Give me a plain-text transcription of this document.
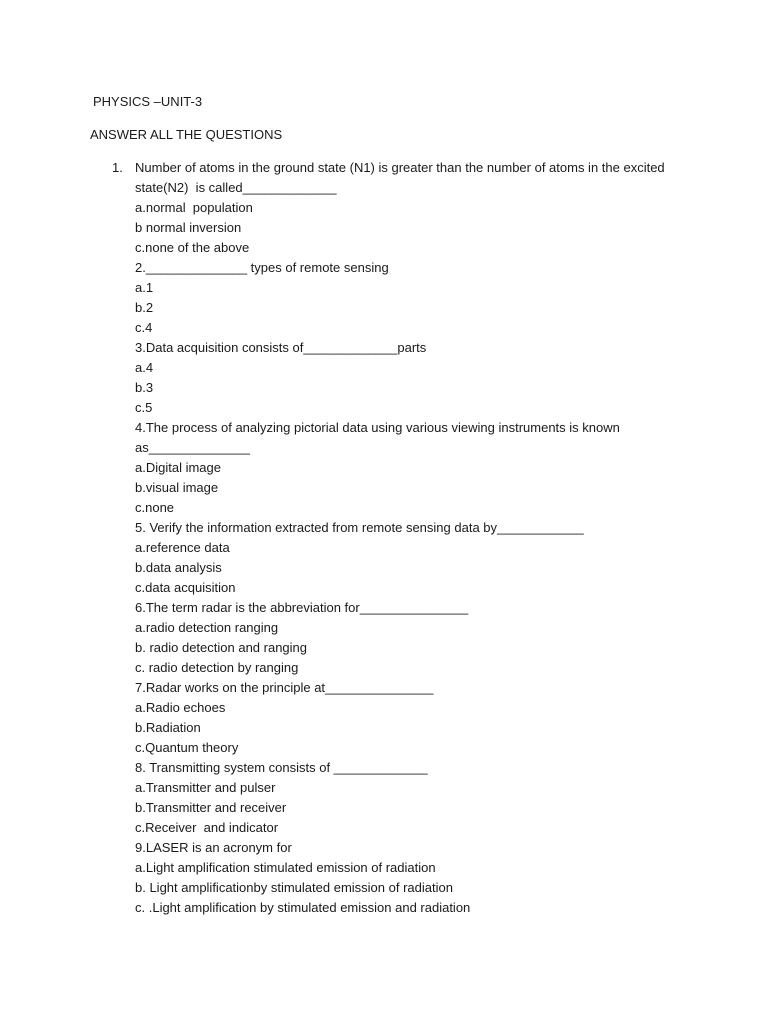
PHYSICS –UNIT-3
ANSWER ALL THE QUESTIONS
1. Number of atoms in the ground state (N1) is greater than the number of atoms in the excited
state(N2)  is called_____________
a.normal  population
b normal inversion
c.none of the above
2.______________ types of remote sensing
a.1
b.2
c.4
3.Data acquisition consists of_____________parts
a.4
b.3
c.5
4.The process of analyzing pictorial data using various viewing instruments is known
as______________
a.Digital image
b.visual image
c.none
5. Verify the information extracted from remote sensing data by____________
a.reference data
b.data analysis
c.data acquisition
6.The term radar is the abbreviation for_______________
a.radio detection ranging
b. radio detection and ranging
c. radio detection by ranging
7.Radar works on the principle at_______________
a.Radio echoes
b.Radiation
c.Quantum theory
8. Transmitting system consists of _____________
a.Transmitter and pulser
b.Transmitter and receiver
c.Receiver  and indicator
9.LASER is an acronym for
a.Light amplification stimulated emission of radiation
b. Light amplificationby stimulated emission of radiation
c. .Light amplification by stimulated emission and radiation
